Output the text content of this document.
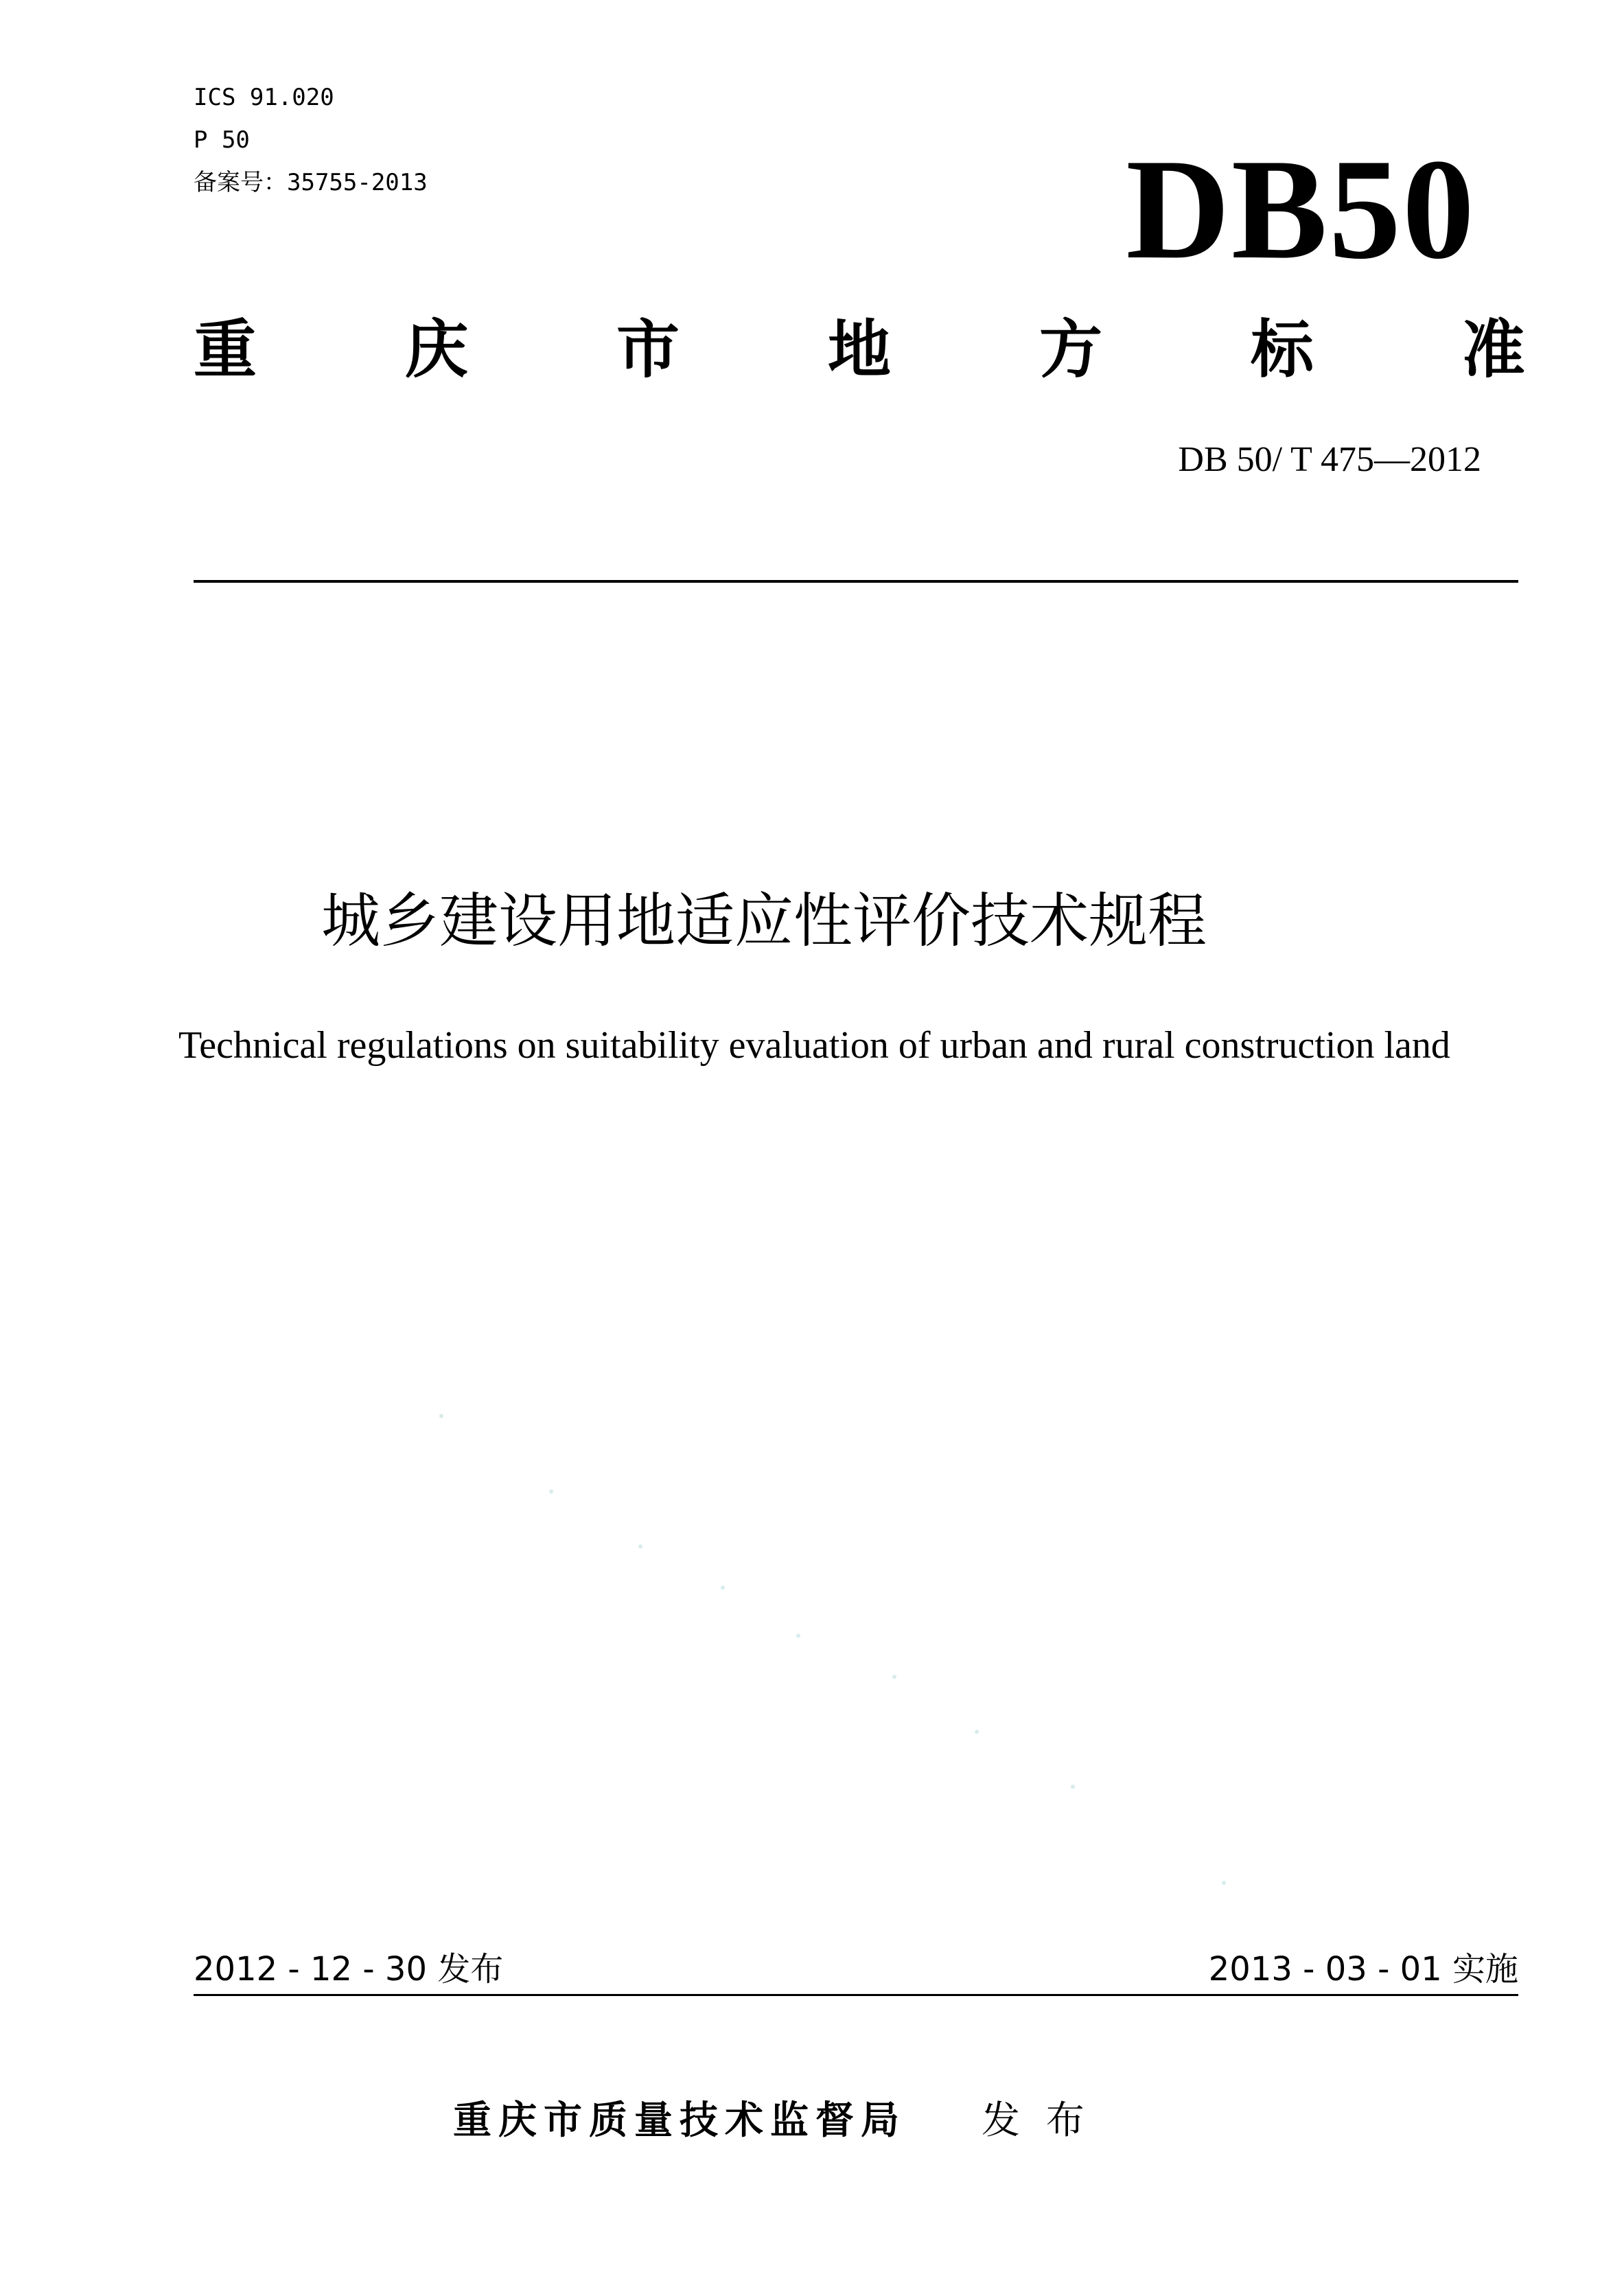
ICS 91.020
P 50
备案号：35755-2013	DB50
重 庆 市 地 方 标 准
DB 50/ T 475—2012
城乡建设用地适应性评价技术规程
Technical regulations on suitability evaluation of urban and rural construction land
2012 - 12 - 30 发布	2013 - 03 - 01 实施
重庆市质量技术监督局 发 布
